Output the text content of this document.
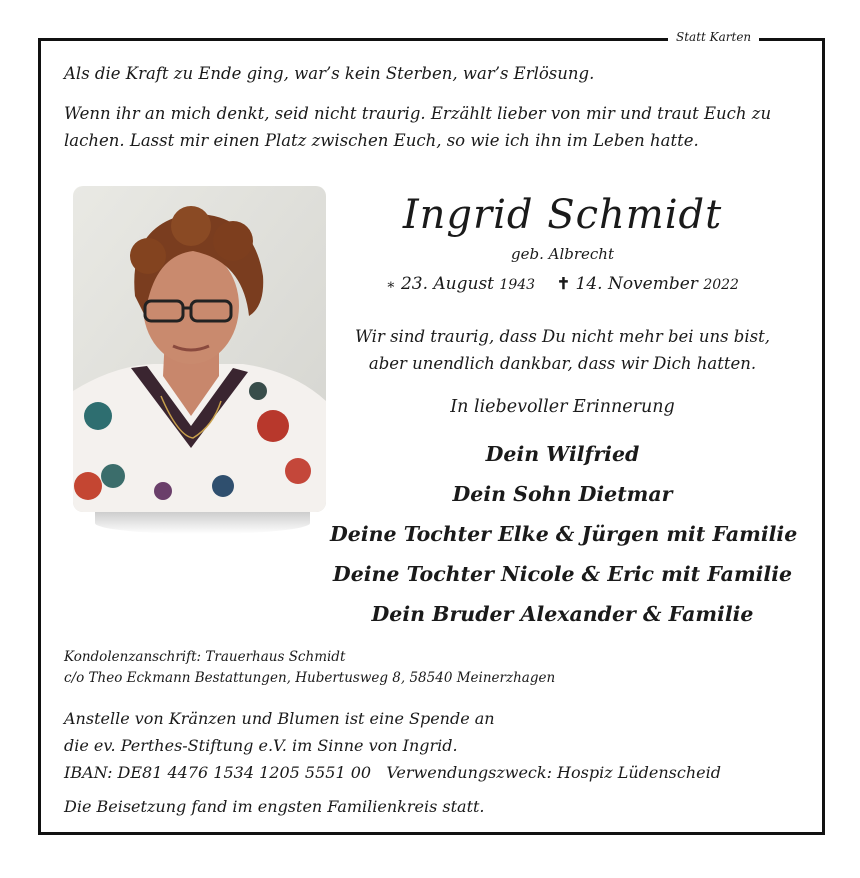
Statt Karten
Als die Kraft zu Ende ging, war’s kein Sterben, war’s Erlösung.
Wenn ihr an mich denkt, seid nicht traurig. Erzählt lieber von mir und traut Euch zu
lachen. Lasst mir einen Platz zwischen Euch, so wie ich ihn im Leben hatte.
Ingrid Schmidt
geb. Albrecht
∗ 23. August 1943 ✝ 14. November 2022
Wir sind traurig, dass Du nicht mehr bei uns bist,
aber unendlich dankbar, dass wir Dich hatten.
In liebevoller Erinnerung
Dein Wilfried
Dein Sohn Dietmar
Deine Tochter Elke & Jürgen mit Familie
Deine Tochter Nicole & Eric mit Familie
Dein Bruder Alexander & Familie
Kondolenzanschrift: Trauerhaus Schmidt
c/o Theo Eckmann Bestattungen, Hubertusweg 8, 58540 Meinerzhagen
Anstelle von Kränzen und Blumen ist eine Spende an
die ev. Perthes-Stiftung e.V. im Sinne von Ingrid.
IBAN: DE81 4476 1534 1205 5551 00 Verwendungszweck: Hospiz Lüdenscheid
Die Beisetzung fand im engsten Familienkreis statt.
